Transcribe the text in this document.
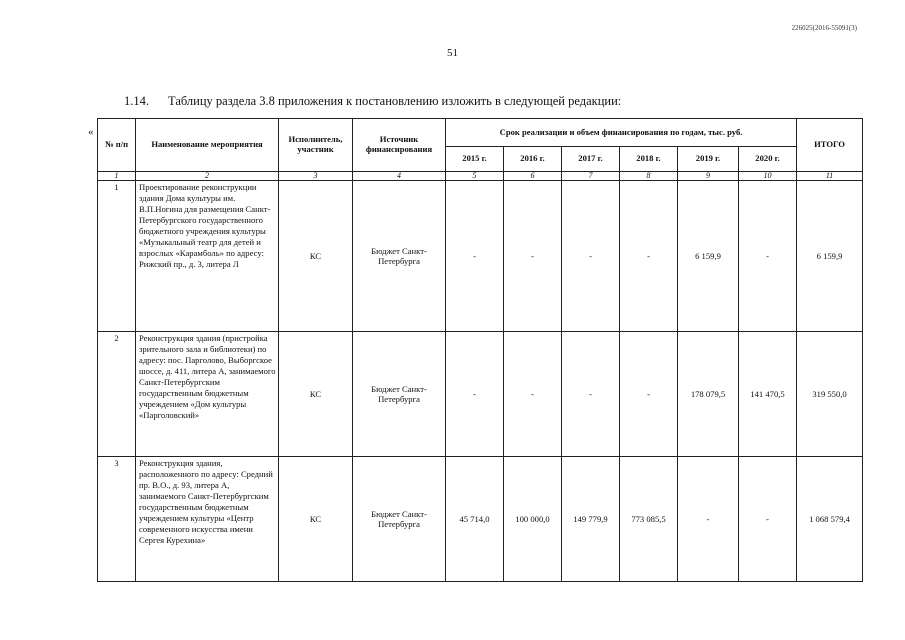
226025(2016-55091(3)
51
1.14. Таблицу раздела 3.8 приложения к постановлению изложить в следующей редакции:
«
№ п/п	Наименование мероприятия	Исполнитель, участник	Источник финансирования	Срок реализации и объем финансирования по годам, тыс. руб.						ИТОГО
				2015 г.	2016 г.	2017 г.	2018 г.	2019 г.	2020 г.	
1	2	3	4	5	6	7	8	9	10	11
1	Проектирование реконструкции здания Дома культуры им. В.П.Ногина для размещения Санкт-Петербургского государственного бюджетного учреждения культуры «Музыкальный театр для детей и взрослых «Карамболь» по адресу: Рижский пр., д. 3, литера Л	КС	Бюджет Санкт-Петербурга	-	-	-	-	6 159,9	-	6 159,9
2	Реконструкция здания (пристройка зрительного зала и библиотеки) по адресу: пос. Парголово, Выборгское шоссе, д. 411, литера А, занимаемого Санкт-Петербургским государственным бюджетным учреждением «Дом культуры «Парголовский»	КС	Бюджет Санкт-Петербурга	-	-	-	-	178 079,5	141 470,5	319 550,0
3	Реконструкция здания, расположенного по адресу: Средний пр. В.О., д. 93, литера А, занимаемого Санкт-Петербургским государственным бюджетным учреждением культуры «Центр современного искусства имени Сергея Курехина»	КС	Бюджет Санкт-Петербурга	45 714,0	100 000,0	149 779,9	773 085,5	-	-	1 068 579,4
